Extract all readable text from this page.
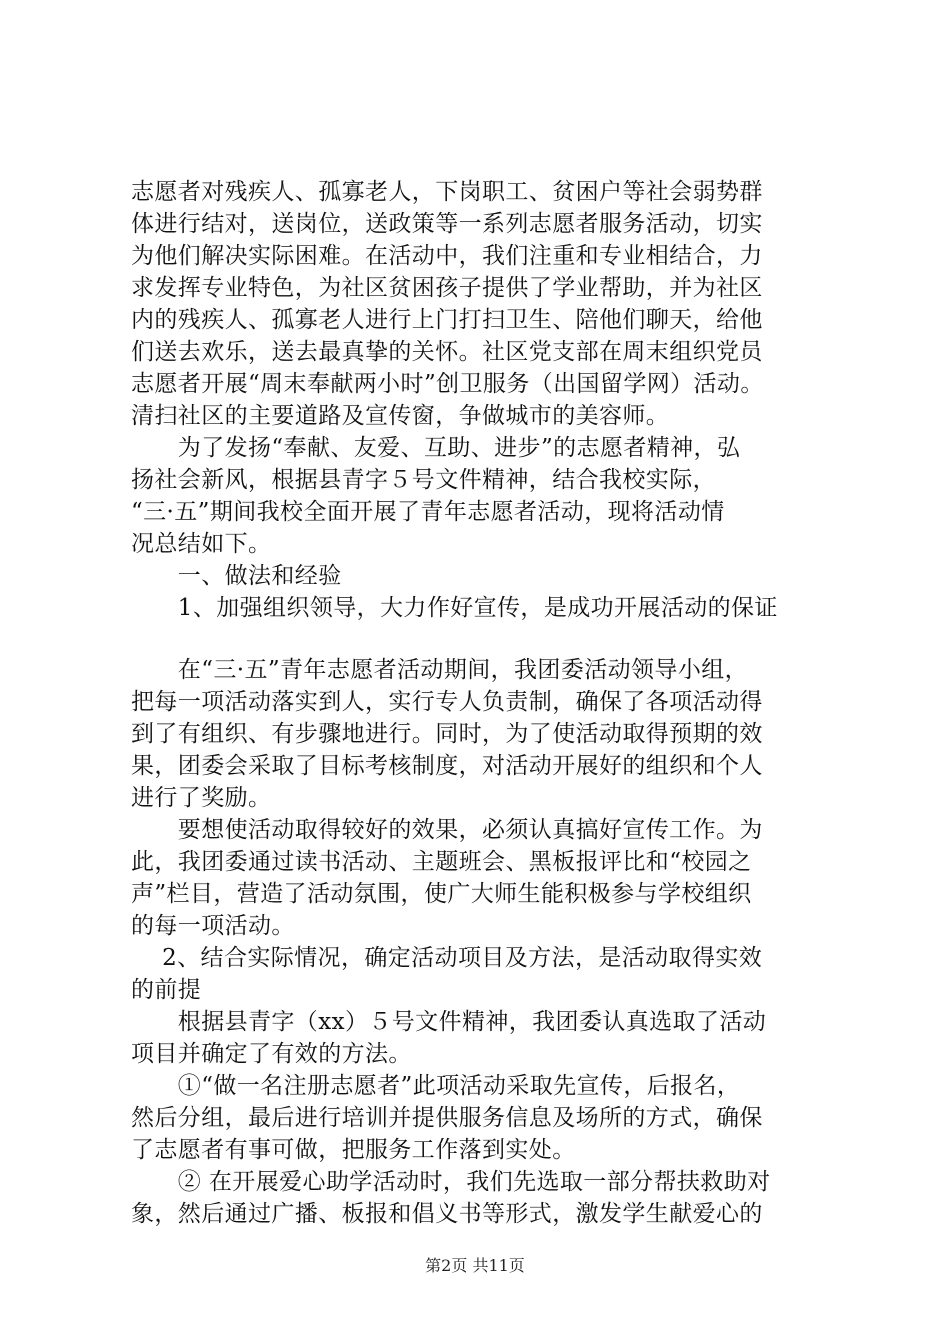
志愿者对残疾人、孤寡老人，下岗职工、贫困户等社会弱势群
体进行结对，送岗位，送政策等一系列志愿者服务活动，切实
为他们解决实际困难。在活动中，我们注重和专业相结合，力
求发挥专业特色，为社区贫困孩子提供了学业帮助，并为社区
内的残疾人、孤寡老人进行上门打扫卫生、陪他们聊天，给他
们送去欢乐，送去最真挚的关怀。社区党支部在周末组织党员
志愿者开展“周末奉献两小时”创卫服务（出国留学网）活动。
清扫社区的主要道路及宣传窗，争做城市的美容师。
　　为了发扬“奉献、友爱、互助、进步”的志愿者精神，弘
扬社会新风，根据县青字５号文件精神，结合我校实际，
“三·五”期间我校全面开展了青年志愿者活动，现将活动情
况总结如下。
　　一、做法和经验
　　1、加强组织领导，大力作好宣传，是成功开展活动的保证
　　在“三·五”青年志愿者活动期间，我团委活动领导小组，
把每一项活动落实到人，实行专人负责制，确保了各项活动得
到了有组织、有步骤地进行。同时，为了使活动取得预期的效
果，团委会采取了目标考核制度，对活动开展好的组织和个人
进行了奖励。
　　要想使活动取得较好的效果，必须认真搞好宣传工作。为
此，我团委通过读书活动、主题班会、黑板报评比和“校园之
声”栏目，营造了活动氛围，使广大师生能积极参与学校组织
的每一项活动。
　 2、结合实际情况，确定活动项目及方法，是活动取得实效
的前提
　　根据县青字（xx）５号文件精神，我团委认真选取了活动
项目并确定了有效的方法。
　　①“做一名注册志愿者”此项活动采取先宣传，后报名，
然后分组，最后进行培训并提供服务信息及场所的方式，确保
了志愿者有事可做，把服务工作落到实处。
　　② 在开展爱心助学活动时，我们先选取一部分帮扶救助对
象，然后通过广播、板报和倡义书等形式，激发学生献爱心的
第2页 共11页
